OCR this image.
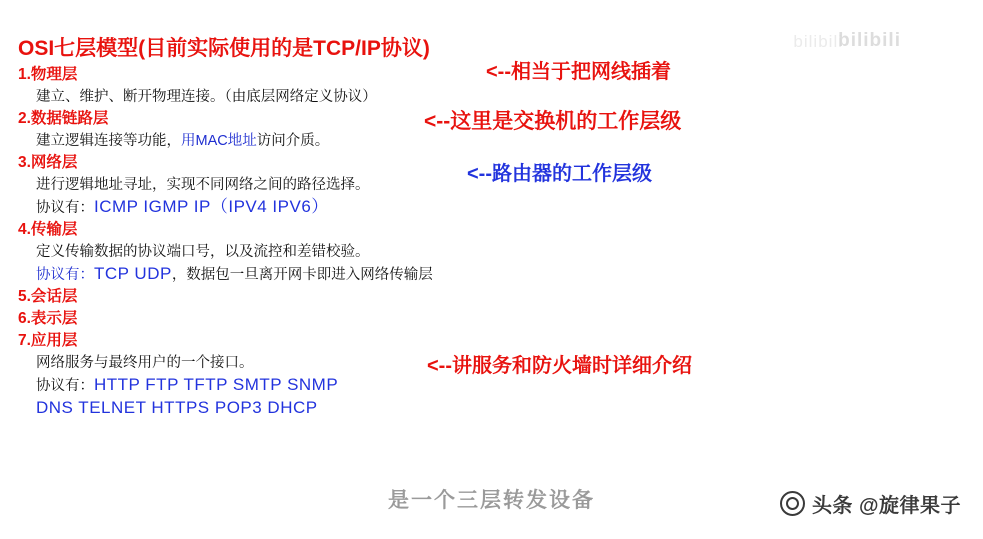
bilibili
bilibili
OSI七层模型(目前实际使用的是TCP/IP协议)
1.物理层
建立、维护、断开物理连接。（由底层网络定义协议）
2.数据链路层
建立逻辑连接等功能，用MAC地址访问介质。
3.网络层
进行逻辑地址寻址，实现不同网络之间的路径选择。
协议有：ICMP IGMP IP（IPV4 IPV6）
4.传输层
定义传输数据的协议端口号，以及流控和差错校验。
协议有：TCP UDP，数据包一旦离开网卡即进入网络传输层
5.会话层
6.表示层
7.应用层
网络服务与最终用户的一个接口。
协议有：HTTP FTP TFTP SMTP SNMP
DNS TELNET HTTPS POP3 DHCP
<--相当于把网线插着
<--这里是交换机的工作层级
<--路由器的工作层级
<--讲服务和防火墙时详细介绍
是一个三层转发设备	头条 @旋律果子
